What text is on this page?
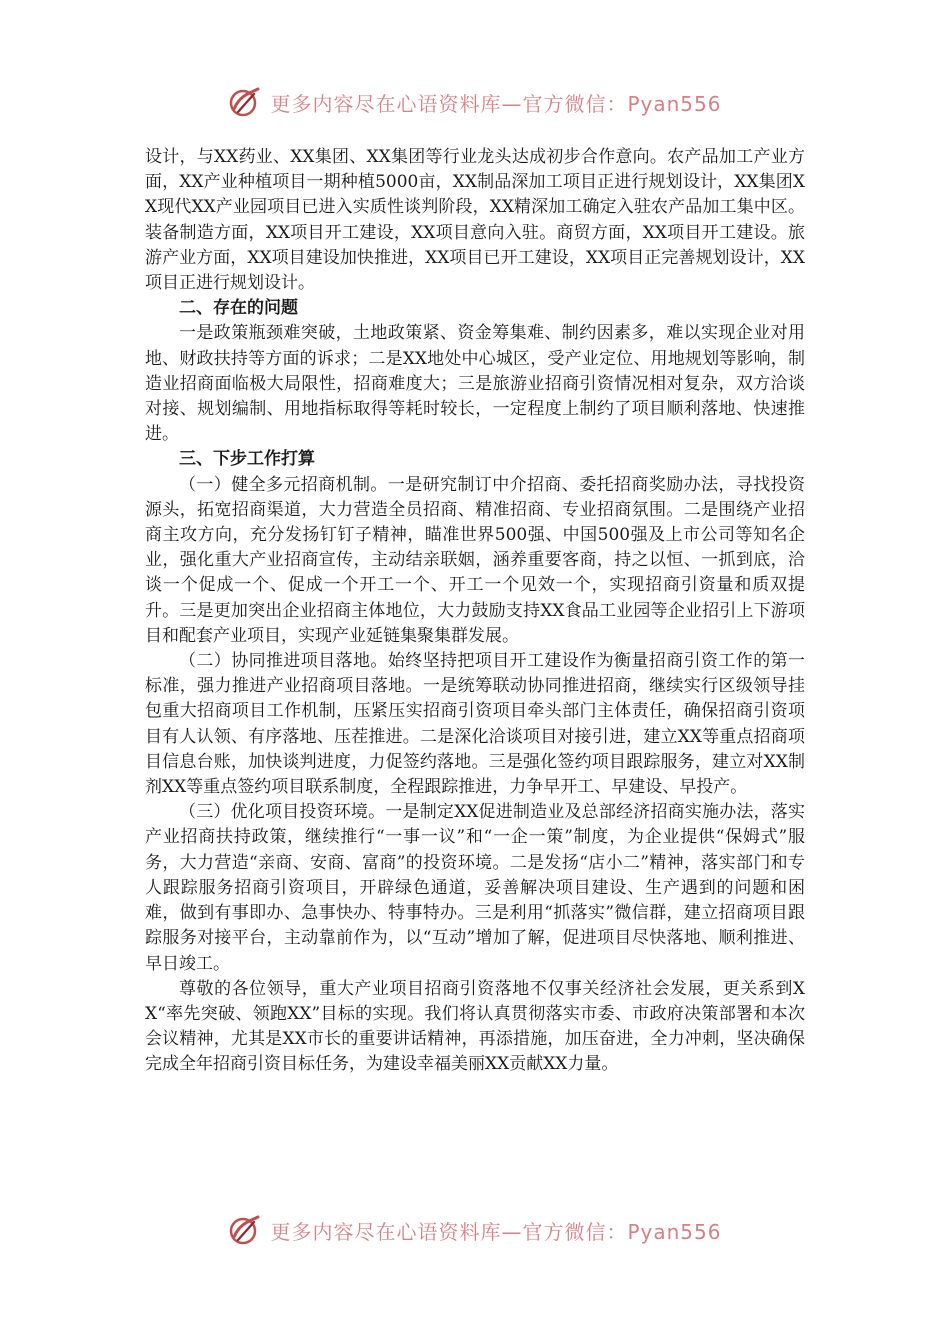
更多内容尽在心语资料库—官方微信：Pyan556

设计，与XX药业、XX集团、XX集团等行业龙头达成初步合作意向。农产品加工产业方面，XX产业种植项目一期种植5000亩，XX制品深加工项目正进行规划设计，XX集团XX现代XX产业园项目已进入实质性谈判阶段，XX精深加工确定入驻农产品加工集中区。装备制造方面，XX项目开工建设，XX项目意向入驻。商贸方面，XX项目开工建设。旅游产业方面，XX项目建设加快推进，XX项目已开工建设，XX项目正完善规划设计，XX项目正进行规划设计。

二、存在的问题

一是政策瓶颈难突破，土地政策紧、资金筹集难、制约因素多，难以实现企业对用地、财政扶持等方面的诉求；二是XX地处中心城区，受产业定位、用地规划等影响，制造业招商面临极大局限性，招商难度大；三是旅游业招商引资情况相对复杂，双方洽谈对接、规划编制、用地指标取得等耗时较长，一定程度上制约了项目顺利落地、快速推进。

三、下步工作打算

（一）健全多元招商机制。一是研究制订中介招商、委托招商奖励办法，寻找投资源头，拓宽招商渠道，大力营造全员招商、精准招商、专业招商氛围。二是围绕产业招商主攻方向，充分发扬钉钉子精神，瞄准世界500强、中国500强及上市公司等知名企业，强化重大产业招商宣传，主动结亲联姻，涵养重要客商，持之以恒、一抓到底，洽谈一个促成一个、促成一个开工一个、开工一个见效一个，实现招商引资量和质双提升。三是更加突出企业招商主体地位，大力鼓励支持XX食品工业园等企业招引上下游项目和配套产业项目，实现产业延链集聚集群发展。

（二）协同推进项目落地。始终坚持把项目开工建设作为衡量招商引资工作的第一标准，强力推进产业招商项目落地。一是统筹联动协同推进招商，继续实行区级领导挂包重大招商项目工作机制，压紧压实招商引资项目牵头部门主体责任，确保招商引资项目有人认领、有序落地、压茬推进。二是深化洽谈项目对接引进，建立XX等重点招商项目信息台账，加快谈判进度，力促签约落地。三是强化签约项目跟踪服务，建立对XX制剂XX等重点签约项目联系制度，全程跟踪推进，力争早开工、早建设、早投产。

（三）优化项目投资环境。一是制定XX促进制造业及总部经济招商实施办法，落实产业招商扶持政策，继续推行“一事一议”和“一企一策”制度，为企业提供“保姆式”服务，大力营造“亲商、安商、富商”的投资环境。二是发扬“店小二”精神，落实部门和专人跟踪服务招商引资项目，开辟绿色通道，妥善解决项目建设、生产遇到的问题和困难，做到有事即办、急事快办、特事特办。三是利用“抓落实”微信群，建立招商项目跟踪服务对接平台，主动靠前作为，以“互动”增加了解，促进项目尽快落地、顺利推进、早日竣工。

尊敬的各位领导，重大产业项目招商引资落地不仅事关经济社会发展，更关系到XX“率先突破、领跑XX”目标的实现。我们将认真贯彻落实市委、市政府决策部署和本次会议精神，尤其是XX市长的重要讲话精神，再添措施，加压奋进，全力冲刺，坚决确保完成全年招商引资目标任务，为建设幸福美丽XX贡献XX力量。

更多内容尽在心语资料库—官方微信：Pyan556
